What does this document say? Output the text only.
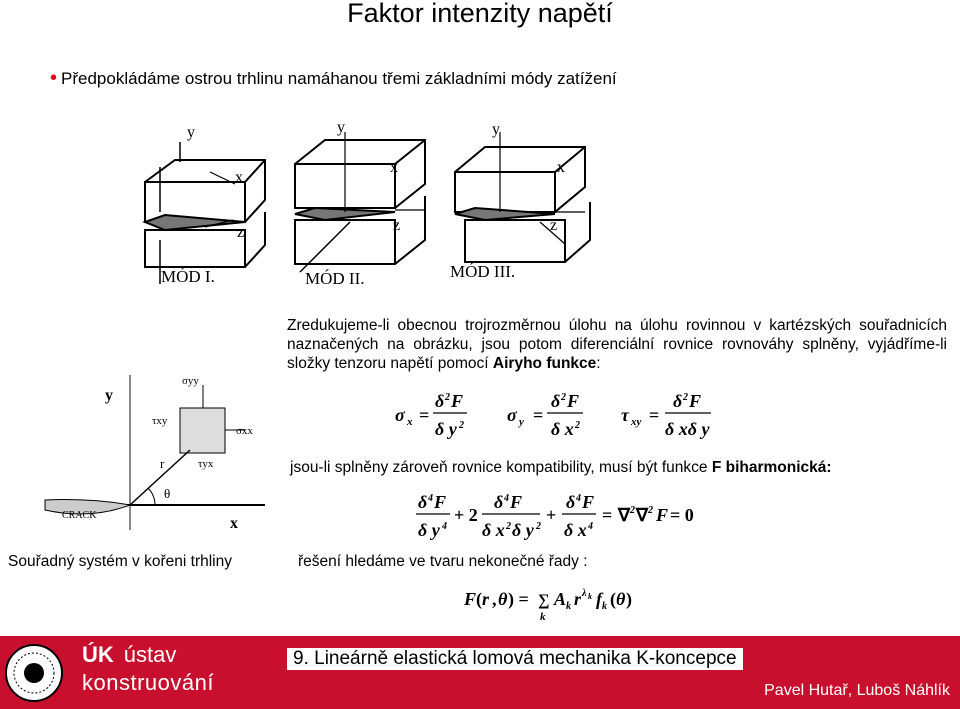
Faktor intenzity napětí
• Předpokládáme ostrou trhlinu namáhanou třemi základními módy zatížení
y
x
z
y
x
z
y
x
z
MÓD I.	MÓD II.	MÓD III.
Zredukujeme-li obecnou trojrozměrnou úlohu na úlohu rovinnou v kartézských souřadnicích naznačených na obrázku, jsou potom diferenciální rovnice rovnováhy splněny, vyjádříme-li složky tenzoru napětí pomocí Airyho funkce:
σ x =
δ 2 F
δ y 2
σ y =
δ 2 F
δ x 2
τ xy =
δ 2 F
δ xδ y
y
x
r
θ
CRACK
σyy
σxx
τxy
τyx
Souřadný systém v kořeni trhliny
jsou-li splněny zároveň rovnice kompatibility, musí být funkce F biharmonická:
δ 4 F
δ y 4
+ 2
δ 4 F
δ x 2 δ y 2
+
δ 4 F
δ x 4
= ∇ 2 ∇ 2 F = 0
řešení hledáme ve tvaru nekonečné řady :
F ( r , θ ) = ∑
k
A k r λ k f k ( θ )
ÚK ústav
konstruování
9. Lineárně elastická lomová mechanika K-koncepce
Pavel Hutař, Luboš Náhlík
